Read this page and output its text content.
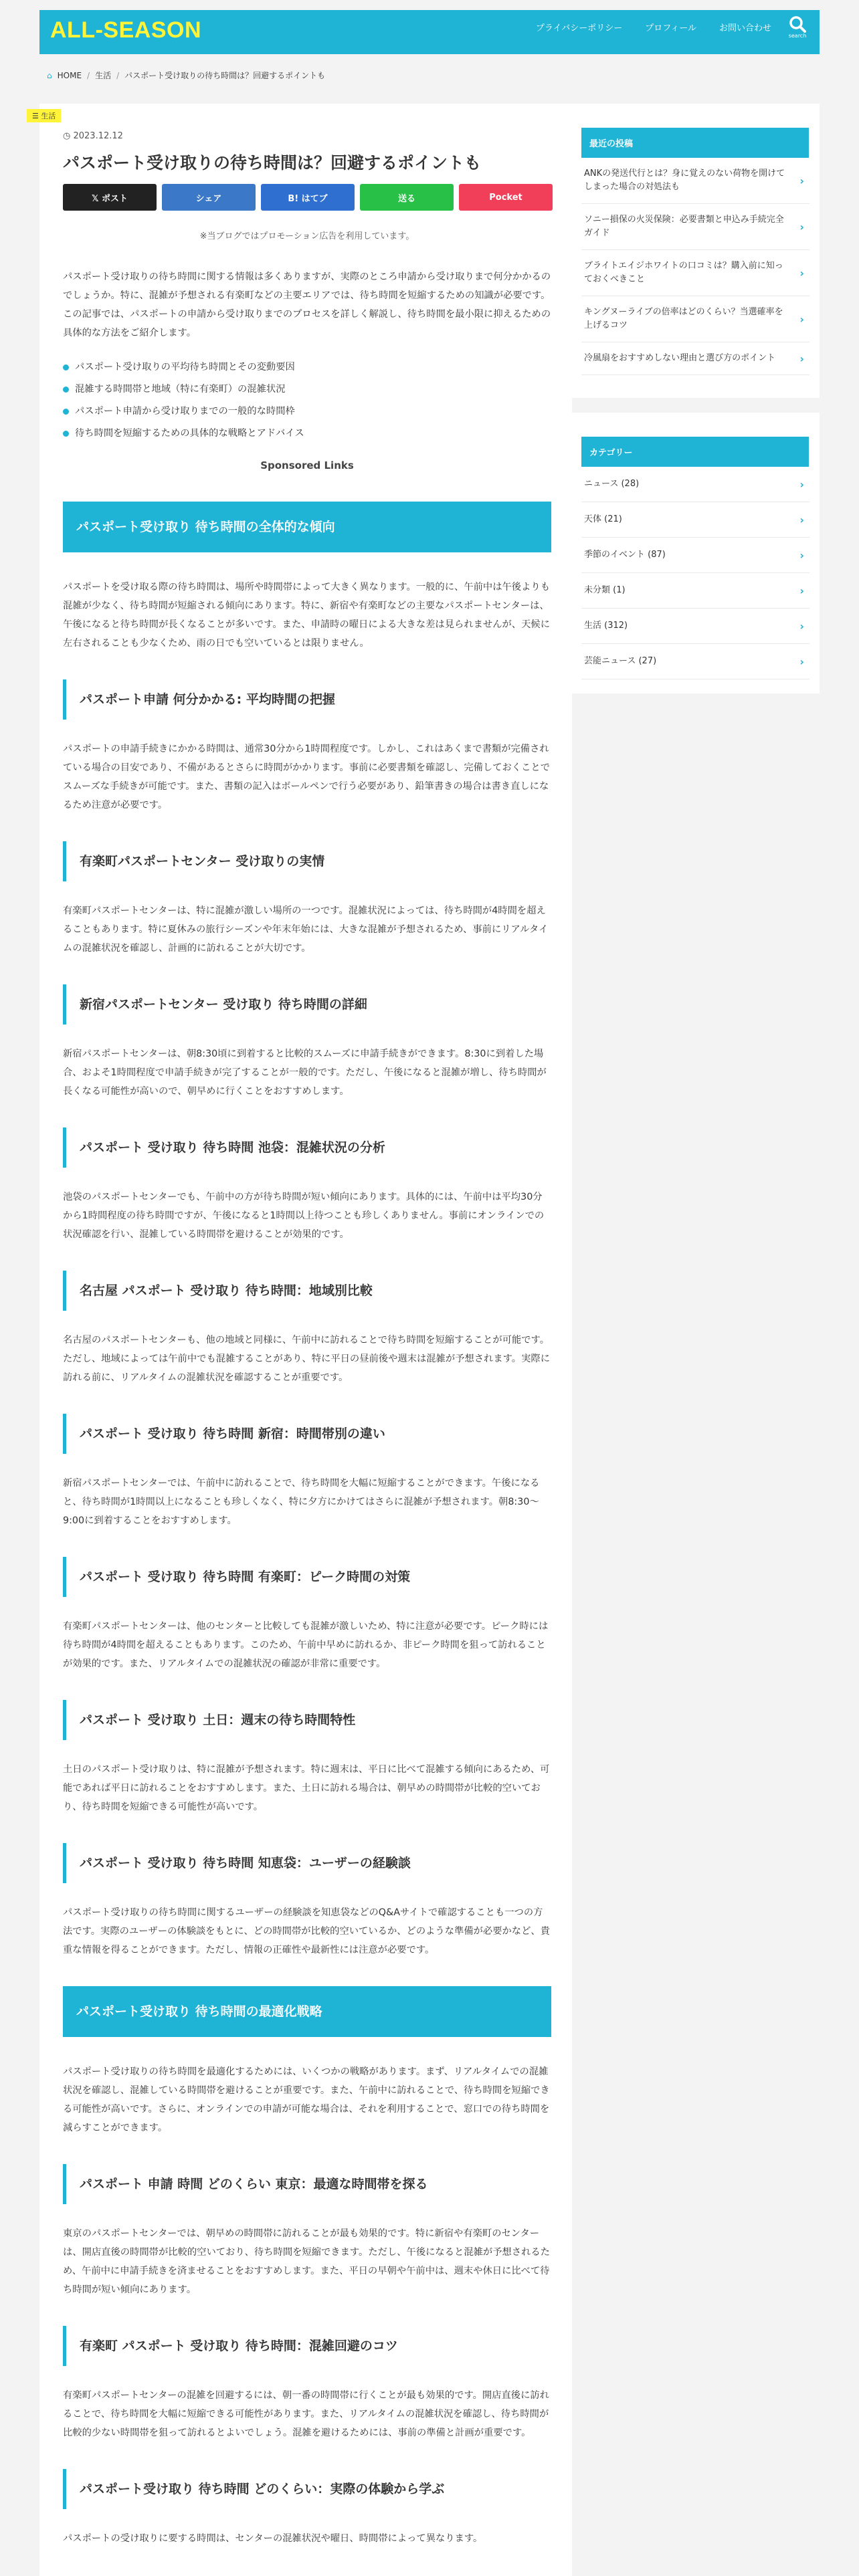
ALL-SEASON	プライバシーポリシー	プロフィール	お問い合わせ
search
⌂ HOME / 生活 / パスポート受け取りの待ち時間は？回避するポイントも
☰ 生活
◷ 2023.12.12
パスポート受け取りの待ち時間は？回避するポイントも
𝕏 ポスト	シェア	B! はてブ	送る	Pocket
※当ブログではプロモーション広告を利用しています。

パスポート受け取りの待ち時間に関する情報は多くありますが、実際のところ申請から受け取りまで何分かかるのでしょうか。特に、混雑が予想される有楽町などの主要エリアでは、待ち時間を短縮するための知識が必要です。この記事では、パスポートの申請から受け取りまでのプロセスを詳しく解説し、待ち時間を最小限に抑えるための具体的な方法をご紹介します。

パスポート受け取りの平均待ち時間とその変動要因
混雑する時間帯と地域（特に有楽町）の混雑状況
パスポート申請から受け取りまでの一般的な時間枠
待ち時間を短縮するための具体的な戦略とアドバイス
Sponsored Links
パスポート受け取り 待ち時間の全体的な傾向

パスポートを受け取る際の待ち時間は、場所や時間帯によって大きく異なります。一般的に、午前中は午後よりも混雑が少なく、待ち時間が短縮される傾向にあります。特に、新宿や有楽町などの主要なパスポートセンターは、午後になると待ち時間が長くなることが多いです。また、申請時の曜日による大きな差は見られませんが、天候に左右されることも少なくため、雨の日でも空いているとは限りません。

パスポート申請 何分かかる: 平均時間の把握

パスポートの申請手続きにかかる時間は、通常30分から1時間程度です。しかし、これはあくまで書類が完備されている場合の目安であり、不備があるとさらに時間がかかります。事前に必要書類を確認し、完備しておくことでスムーズな手続きが可能です。また、書類の記入はボールペンで行う必要があり、鉛筆書きの場合は書き直しになるため注意が必要です。

有楽町パスポートセンター 受け取りの実情

有楽町パスポートセンターは、特に混雑が激しい場所の一つです。混雑状況によっては、待ち時間が4時間を超えることもあります。特に夏休みの旅行シーズンや年末年始には、大きな混雑が予想されるため、事前にリアルタイムの混雑状況を確認し、計画的に訪れることが大切です。

新宿パスポートセンター 受け取り 待ち時間の詳細

新宿パスポートセンターは、朝8:30頃に到着すると比較的スムーズに申請手続きができます。8:30に到着した場合、およそ1時間程度で申請手続きが完了することが一般的です。ただし、午後になると混雑が増し、待ち時間が長くなる可能性が高いので、朝早めに行くことをおすすめします。

パスポート 受け取り 待ち時間 池袋：混雑状況の分析

池袋のパスポートセンターでも、午前中の方が待ち時間が短い傾向にあります。具体的には、午前中は平均30分から1時間程度の待ち時間ですが、午後になると1時間以上待つことも珍しくありません。事前にオンラインでの状況確認を行い、混雑している時間帯を避けることが効果的です。

名古屋 パスポート 受け取り 待ち時間：地域別比較

名古屋のパスポートセンターも、他の地域と同様に、午前中に訪れることで待ち時間を短縮することが可能です。ただし、地域によっては午前中でも混雑することがあり、特に平日の昼前後や週末は混雑が予想されます。実際に訪れる前に、リアルタイムの混雑状況を確認することが重要です。

パスポート 受け取り 待ち時間 新宿：時間帯別の違い

新宿パスポートセンターでは、午前中に訪れることで、待ち時間を大幅に短縮することができます。午後になると、待ち時間が1時間以上になることも珍しくなく、特に夕方にかけてはさらに混雑が予想されます。朝8:30～9:00に到着することをおすすめします。

パスポート 受け取り 待ち時間 有楽町：ピーク時間の対策

有楽町パスポートセンターは、他のセンターと比較しても混雑が激しいため、特に注意が必要です。ピーク時には待ち時間が4時間を超えることもあります。このため、午前中早めに訪れるか、非ピーク時間を狙って訪れることが効果的です。また、リアルタイムでの混雑状況の確認が非常に重要です。

パスポート 受け取り 土日：週末の待ち時間特性

土日のパスポート受け取りは、特に混雑が予想されます。特に週末は、平日に比べて混雑する傾向にあるため、可能であれば平日に訪れることをおすすめします。また、土日に訪れる場合は、朝早めの時間帯が比較的空いており、待ち時間を短縮できる可能性が高いです。

パスポート 受け取り 待ち時間 知恵袋：ユーザーの経験談

パスポート受け取りの待ち時間に関するユーザーの経験談を知恵袋などのQ&Aサイトで確認することも一つの方法です。実際のユーザーの体験談をもとに、どの時間帯が比較的空いているか、どのような準備が必要かなど、貴重な情報を得ることができます。ただし、情報の正確性や最新性には注意が必要です。

パスポート受け取り 待ち時間の最適化戦略

パスポート受け取りの待ち時間を最適化するためには、いくつかの戦略があります。まず、リアルタイムでの混雑状況を確認し、混雑している時間帯を避けることが重要です。また、午前中に訪れることで、待ち時間を短縮できる可能性が高いです。さらに、オンラインでの申請が可能な場合は、それを利用することで、窓口での待ち時間を減らすことができます。

パスポート 申請 時間 どのくらい 東京：最適な時間帯を探る

東京のパスポートセンターでは、朝早めの時間帯に訪れることが最も効果的です。特に新宿や有楽町のセンターは、開店直後の時間帯が比較的空いており、待ち時間を短縮できます。ただし、午後になると混雑が予想されるため、午前中に申請手続きを済ませることをおすすめします。また、平日の早朝や午前中は、週末や休日に比べて待ち時間が短い傾向にあります。

有楽町 パスポート 受け取り 待ち時間：混雑回避のコツ

有楽町パスポートセンターの混雑を回避するには、朝一番の時間帯に行くことが最も効果的です。開店直後に訪れることで、待ち時間を大幅に短縮できる可能性があります。また、リアルタイムの混雑状況を確認し、待ち時間が比較的少ない時間帯を狙って訪れるとよいでしょう。混雑を避けるためには、事前の準備と計画が重要です。

パスポート受け取り 待ち時間 どのくらい：実際の体験から学ぶ

パスポートの受け取りに要する時間は、センターの混雑状況や曜日、時間帯によって異なります。

最近の投稿
ANKの発送代行とは？身に覚えのない荷物を開けてしまった場合の対処法も	›
ソニー損保の火災保険：必要書類と申込み手続完全ガイド	›
ブライトエイジホワイトの口コミは？購入前に知っておくべきこと	›
キングヌーライブの倍率はどのくらい？当選確率を上げるコツ	›
冷風扇をおすすめしない理由と選び方のポイント ›
カテゴリー
ニュース (28)	›
天体 (21)	›
季節のイベント (87)	›
未分類 (1)	›
生活 (312)	›
芸能ニュース (27)	›
